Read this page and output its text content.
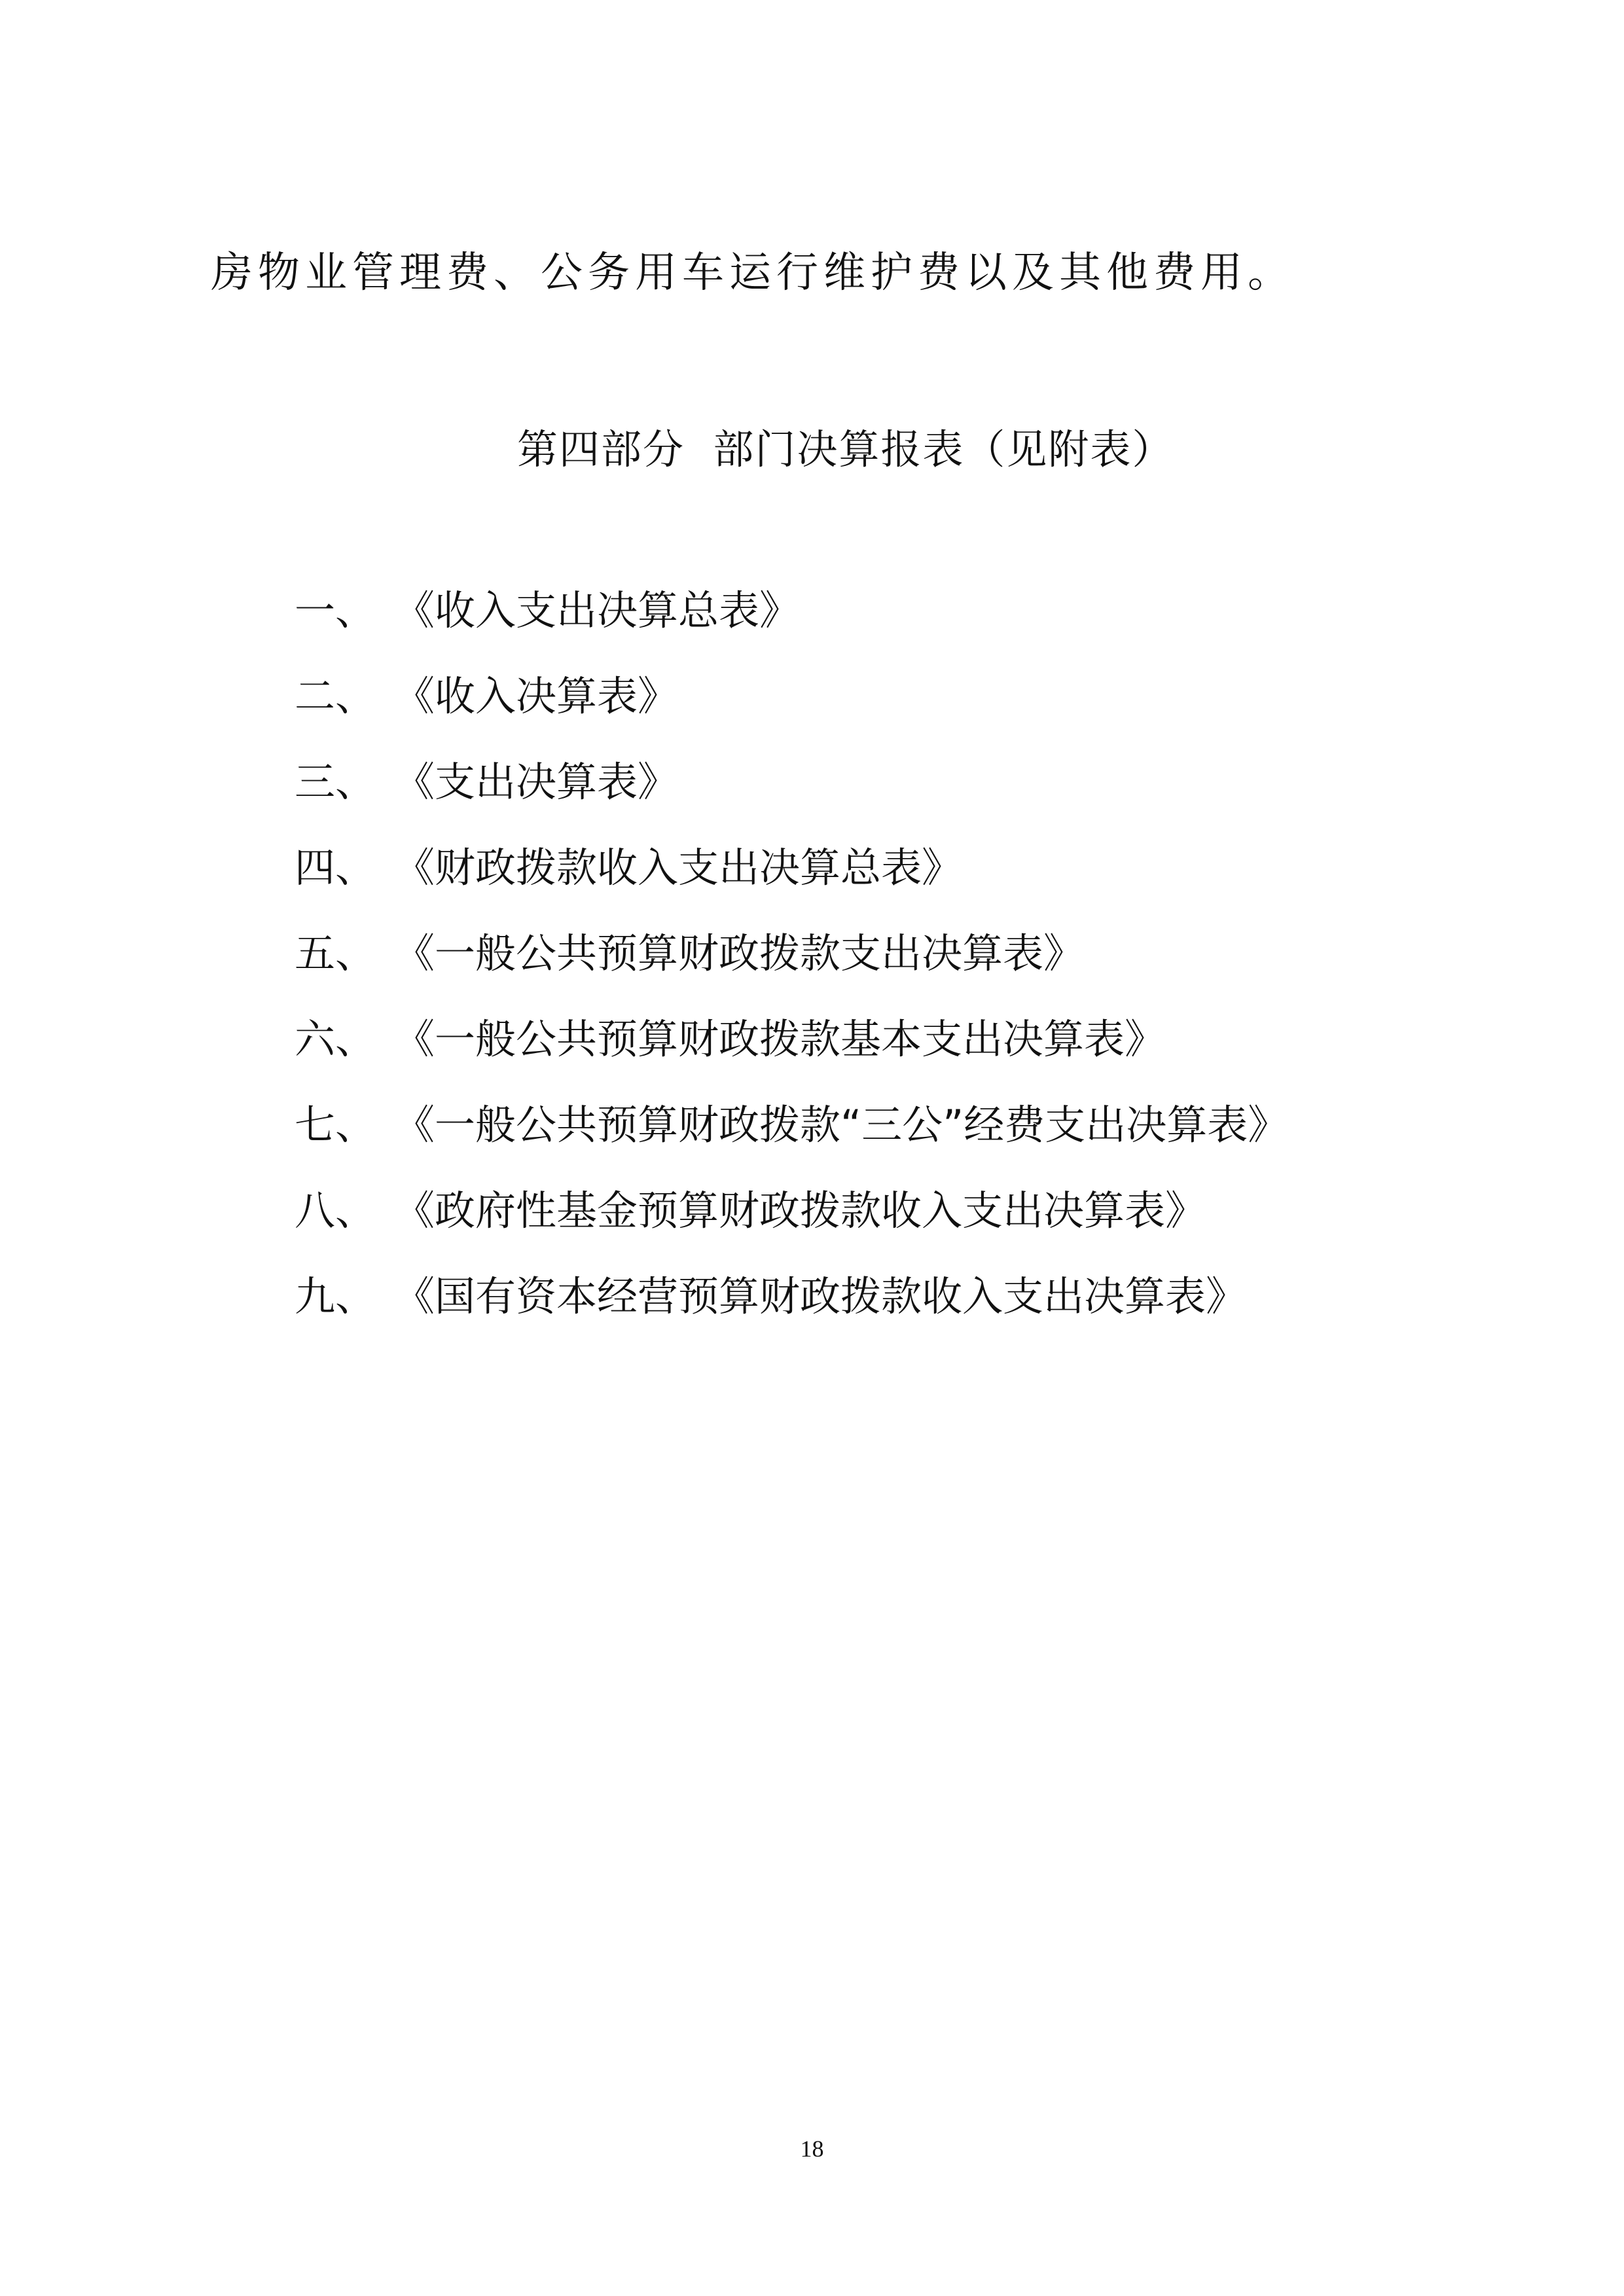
房物业管理费、公务用车运行维护费以及其他费用。

第四部分  部门决算报表（见附表）
一、 《收入支出决算总表》
二、 《收入决算表》
三、 《支出决算表》
四、 《财政拨款收入支出决算总表》
五、 《一般公共预算财政拨款支出决算表》
六、 《一般公共预算财政拨款基本支出决算表》
七、 《一般公共预算财政拨款“三公”经费支出决算表》
八、 《政府性基金预算财政拨款收入支出决算表》
九、 《国有资本经营预算财政拨款收入支出决算表》

18
